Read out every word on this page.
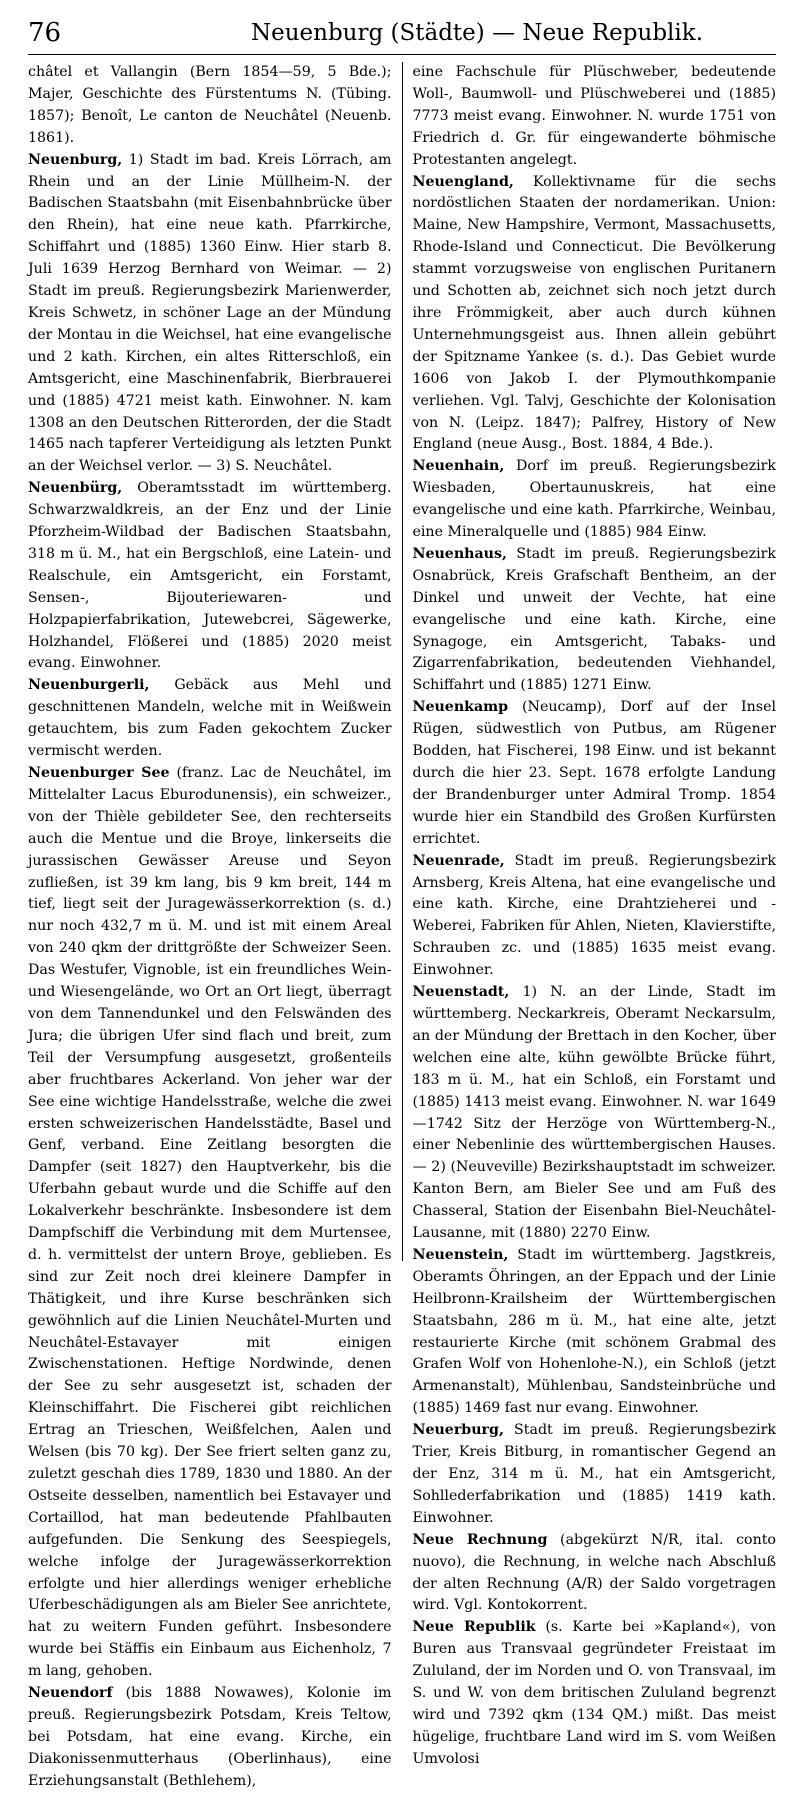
76	Neuenburg (Städte) — Neue Republik.

châtel et Vallangin (Bern 1854—59, 5 Bde.); Majer, Geschichte des Fürstentums N. (Tübing. 1857); Benoît, Le canton de Neuchâtel (Neuenb. 1861).

Neuenburg, 1) Stadt im bad. Kreis Lörrach, am Rhein und an der Linie Müllheim-N. der Badischen Staatsbahn (mit Eisenbahnbrücke über den Rhein), hat eine neue kath. Pfarrkirche, Schiffahrt und (1885) 1360 Einw. Hier starb 8. Juli 1639 Herzog Bernhard von Weimar. — 2) Stadt im preuß. Regierungsbezirk Marienwerder, Kreis Schwetz, in schöner Lage an der Mündung der Montau in die Weichsel, hat eine evangelische und 2 kath. Kirchen, ein altes Ritterschloß, ein Amtsgericht, eine Maschinenfabrik, Bierbrauerei und (1885) 4721 meist kath. Einwohner. N. kam 1308 an den Deutschen Ritterorden, der die Stadt 1465 nach tapferer Verteidigung als letzten Punkt an der Weichsel verlor. — 3) S. Neuchâtel.

Neuenbürg, Oberamtsstadt im württemberg. Schwarzwaldkreis, an der Enz und der Linie Pforzheim-Wildbad der Badischen Staatsbahn, 318 m ü. M., hat ein Bergschloß, eine Latein- und Realschule, ein Amtsgericht, ein Forstamt, Sensen-, Bijouteriewaren- und Holzpapierfabrikation, Jutewebcrei, Sägewerke, Holzhandel, Flößerei und (1885) 2020 meist evang. Einwohner.

Neuenburgerli, Gebäck aus Mehl und geschnittenen Mandeln, welche mit in Weißwein getauchtem, bis zum Faden gekochtem Zucker vermischt werden.

Neuenburger See (franz. Lac de Neuchâtel, im Mittelalter Lacus Eburodunensis), ein schweizer., von der Thièle gebildeter See, den rechterseits auch die Mentue und die Broye, linkerseits die jurassischen Gewässer Areuse und Seyon zufließen, ist 39 km lang, bis 9 km breit, 144 m tief, liegt seit der Juragewässerkorrektion (s. d.) nur noch 432,7 m ü. M. und ist mit einem Areal von 240 qkm der drittgrößte der Schweizer Seen. Das Westufer, Vignoble, ist ein freundliches Wein- und Wiesengelände, wo Ort an Ort liegt, überragt von dem Tannendunkel und den Felswänden des Jura; die übrigen Ufer sind flach und breit, zum Teil der Versumpfung ausgesetzt, großenteils aber fruchtbares Ackerland. Von jeher war der See eine wichtige Handelsstraße, welche die zwei ersten schweizerischen Handelsstädte, Basel und Genf, verband. Eine Zeitlang besorgten die Dampfer (seit 1827) den Hauptverkehr, bis die Uferbahn gebaut wurde und die Schiffe auf den Lokalverkehr beschränkte. Insbesondere ist dem Dampfschiff die Verbindung mit dem Murtensee, d. h. vermittelst der untern Broye, geblieben. Es sind zur Zeit noch drei kleinere Dampfer in Thätigkeit, und ihre Kurse beschränken sich gewöhnlich auf die Linien Neuchâtel-Murten und Neuchâtel-Estavayer mit einigen Zwischenstationen. Heftige Nordwinde, denen der See zu sehr ausgesetzt ist, schaden der Kleinschiffahrt. Die Fischerei gibt reichlichen Ertrag an Trieschen, Weißfelchen, Aalen und Welsen (bis 70 kg). Der See friert selten ganz zu, zuletzt geschah dies 1789, 1830 und 1880. An der Ostseite desselben, namentlich bei Estavayer und Cortaillod, hat man bedeutende Pfahlbauten aufgefunden. Die Senkung des Seespiegels, welche infolge der Juragewässerkorrektion erfolgte und hier allerdings weniger erhebliche Uferbeschädigungen als am Bieler See anrichtete, hat zu weitern Funden geführt. Insbesondere wurde bei Stäffis ein Einbaum aus Eichenholz, 7 m lang, gehoben.

Neuendorf (bis 1888 Nowawes), Kolonie im preuß. Regierungsbezirk Potsdam, Kreis Teltow, bei Potsdam, hat eine evang. Kirche, ein Diakonissenmutterhaus (Oberlinhaus), eine Erziehungsanstalt (Bethlehem),

eine Fachschule für Plüschweber, bedeutende Woll-, Baumwoll- und Plüschweberei und (1885) 7773 meist evang. Einwohner. N. wurde 1751 von Friedrich d. Gr. für eingewanderte böhmische Protestanten angelegt.

Neuengland, Kollektivname für die sechs nordöstlichen Staaten der nordamerikan. Union: Maine, New Hampshire, Vermont, Massachusetts, Rhode-Island und Connecticut. Die Bevölkerung stammt vorzugsweise von englischen Puritanern und Schotten ab, zeichnet sich noch jetzt durch ihre Frömmigkeit, aber auch durch kühnen Unternehmungsgeist aus. Ihnen allein gebührt der Spitzname Yankee (s. d.). Das Gebiet wurde 1606 von Jakob I. der Plymouthkompanie verliehen. Vgl. Talvj, Geschichte der Kolonisation von N. (Leipz. 1847); Palfrey, History of New England (neue Ausg., Bost. 1884, 4 Bde.).

Neuenhain, Dorf im preuß. Regierungsbezirk Wiesbaden, Obertaunuskreis, hat eine evangelische und eine kath. Pfarrkirche, Weinbau, eine Mineralquelle und (1885) 984 Einw.

Neuenhaus, Stadt im preuß. Regierungsbezirk Osnabrück, Kreis Grafschaft Bentheim, an der Dinkel und unweit der Vechte, hat eine evangelische und eine kath. Kirche, eine Synagoge, ein Amtsgericht, Tabaks- und Zigarrenfabrikation, bedeutenden Viehhandel, Schiffahrt und (1885) 1271 Einw.

Neuenkamp (Neucamp), Dorf auf der Insel Rügen, südwestlich von Putbus, am Rügener Bodden, hat Fischerei, 198 Einw. und ist bekannt durch die hier 23. Sept. 1678 erfolgte Landung der Brandenburger unter Admiral Tromp. 1854 wurde hier ein Standbild des Großen Kurfürsten errichtet.

Neuenrade, Stadt im preuß. Regierungsbezirk Arnsberg, Kreis Altena, hat eine evangelische und eine kath. Kirche, eine Drahtzieherei und -Weberei, Fabriken für Ahlen, Nieten, Klavierstifte, Schrauben zc. und (1885) 1635 meist evang. Einwohner.

Neuenstadt, 1) N. an der Linde, Stadt im württemberg. Neckarkreis, Oberamt Neckarsulm, an der Mündung der Brettach in den Kocher, über welchen eine alte, kühn gewölbte Brücke führt, 183 m ü. M., hat ein Schloß, ein Forstamt und (1885) 1413 meist evang. Einwohner. N. war 1649—1742 Sitz der Herzöge von Württemberg-N., einer Nebenlinie des württembergischen Hauses. — 2) (Neuveville) Bezirkshauptstadt im schweizer. Kanton Bern, am Bieler See und am Fuß des Chasseral, Station der Eisenbahn Biel-Neuchâtel-Lausanne, mit (1880) 2270 Einw.

Neuenstein, Stadt im württemberg. Jagstkreis, Oberamts Öhringen, an der Eppach und der Linie Heilbronn-Krailsheim der Württembergischen Staatsbahn, 286 m ü. M., hat eine alte, jetzt restaurierte Kirche (mit schönem Grabmal des Grafen Wolf von Hohenlohe-N.), ein Schloß (jetzt Armenanstalt), Mühlenbau, Sandsteinbrüche und (1885) 1469 fast nur evang. Einwohner.

Neuerburg, Stadt im preuß. Regierungsbezirk Trier, Kreis Bitburg, in romantischer Gegend an der Enz, 314 m ü. M., hat ein Amtsgericht, Sohllederfabrikation und (1885) 1419 kath. Einwohner.

Neue Rechnung (abgekürzt N/R, ital. conto nuovo), die Rechnung, in welche nach Abschluß der alten Rechnung (A/R) der Saldo vorgetragen wird. Vgl. Kontokorrent.

Neue Republik (s. Karte bei »Kapland«), von Buren aus Transvaal gegründeter Freistaat im Zululand, der im Norden und O. von Transvaal, im S. und W. von dem britischen Zululand begrenzt wird und 7392 qkm (134 QM.) mißt. Das meist hügelige, fruchtbare Land wird im S. vom Weißen Umvolosi
